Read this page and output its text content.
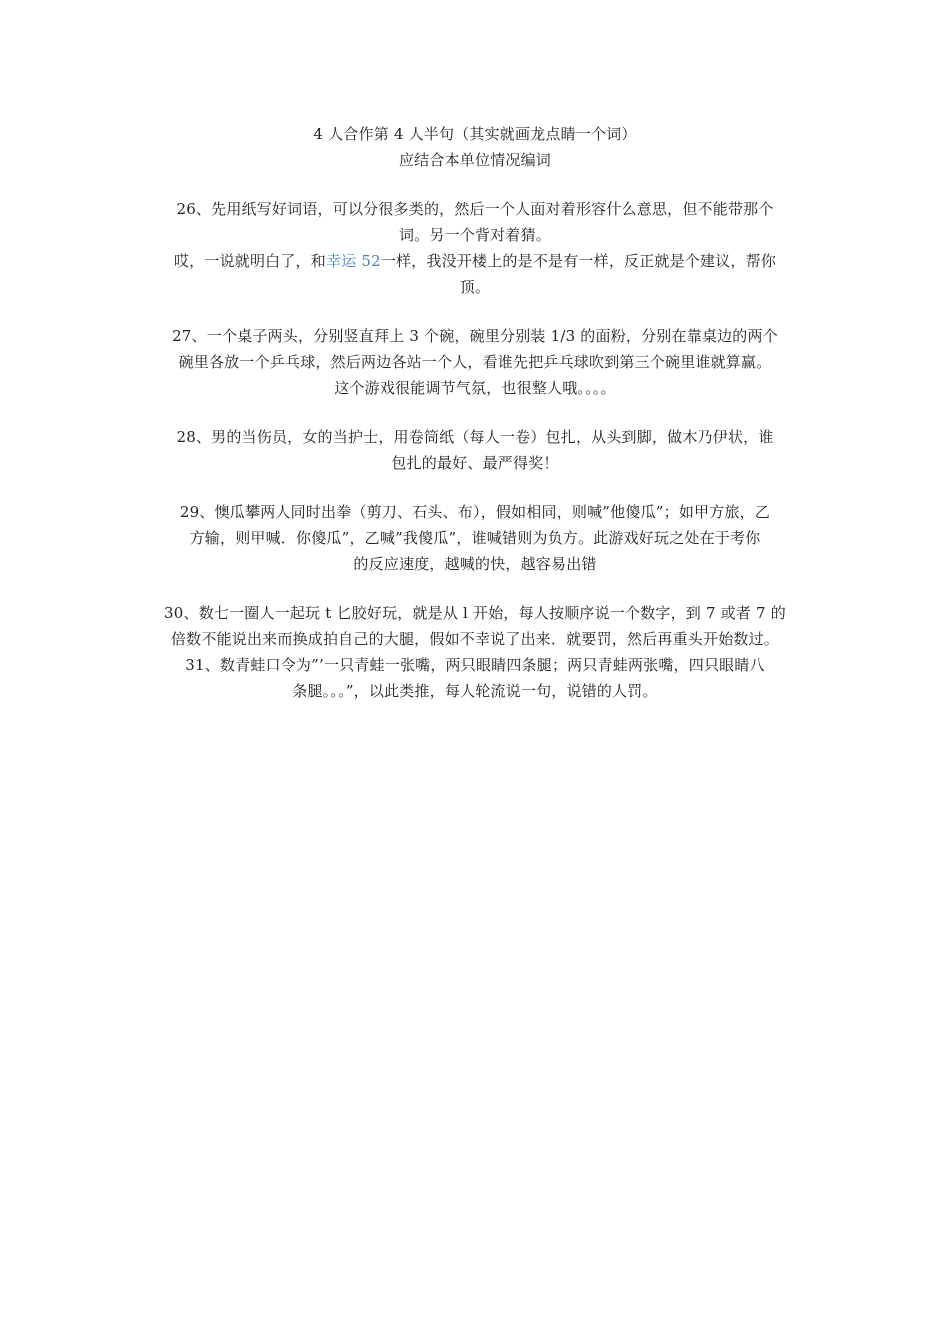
4 人合作第 4 人半句（其实就画龙点睛一个词）
应结合本单位情况编词
26、先用纸写好词语，可以分很多类的，然后一个人面对着形容什么意思，但不能带那个
词。另一个背对着猜。
哎，一说就明白了，和幸运 52一样，我没开楼上的是不是有一样，反正就是个建议，帮你
顶。
27、一个桌子两头，分别竖直拜上 3 个碗，碗里分别装 1/3 的面粉，分别在靠桌边的两个
碗里各放一个乒乓球，然后两边各站一个人，看谁先把乒乓球吹到第三个碗里谁就算赢。
这个游戏很能调节气氛，也很整人哦。。。。
28、男的当伤员，女的当护士，用卷筒纸（每人一卷）包扎，从头到脚，做木乃伊状，谁
包扎的最好、最严得奖！
29、懊瓜攀两人同时出拳（剪刀、石头、布），假如相同，则喊”他傻瓜”；如甲方旅，乙
方输，则甲喊．你傻瓜”，乙喊”我傻瓜”，谁喊错则为负方。此游戏好玩之处在于考你
的反应速度，越喊的快，越容易出错
30、数七一圈人一起玩 t 匕胶好玩，就是从 l 开始，每人按顺序说一个数字，到 7 或者 7 的
倍数不能说出来而换成拍自己的大腿，假如不幸说了出来．就要罚，然后再重头开始数过。
31、数青蛙口令为”’一只青蛙一张嘴，两只眼睛四条腿；两只青蛙两张嘴，四只眼睛八
条腿。。。”，以此类推，每人轮流说一句，说错的人罚。
